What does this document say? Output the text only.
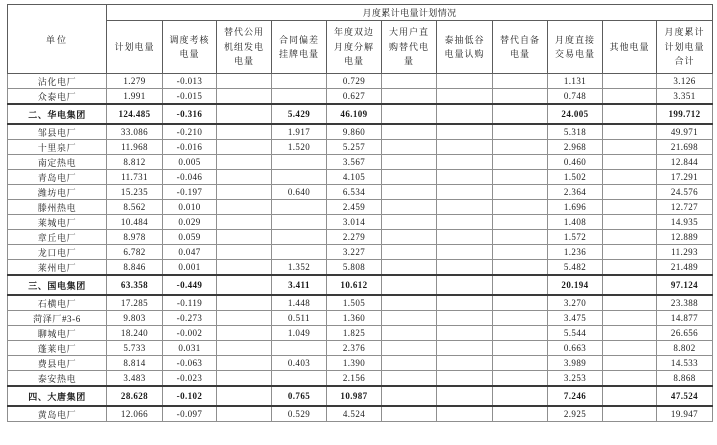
单位	月度累计电量计划情况										
	计划电量	调度考核电量	替代公用机组发电电量	合同偏差挂牌电量	年度双边月度分解电量	大用户直购替代电量	泰抽低谷电量认购	替代自备电量	月度直接交易电量	其他电量	月度累计计划电量合计
沾化电厂	1.279	-0.013			0.729				1.131		3.126
众泰电厂	1.991	-0.015			0.627				0.748		3.351
二、华电集团	124.485	-0.316		5.429	46.109				24.005		199.712
邹县电厂	33.086	-0.210		1.917	9.860				5.318		49.971
十里泉厂	11.968	-0.016		1.520	5.257				2.968		21.698
南定热电	8.812	0.005			3.567				0.460		12.844
青岛电厂	11.731	-0.046			4.105				1.502		17.291
潍坊电厂	15.235	-0.197		0.640	6.534				2.364		24.576
滕州热电	8.562	0.010			2.459				1.696		12.727
莱城电厂	10.484	0.029			3.014				1.408		14.935
章丘电厂	8.978	0.059			2.279				1.572		12.889
龙口电厂	6.782	0.047			3.227				1.236		11.293
莱州电厂	8.846	0.001		1.352	5.808				5.482		21.489
三、国电集团	63.358	-0.449		3.411	10.612				20.194		97.124
石横电厂	17.285	-0.119		1.448	1.505				3.270		23.388
菏泽厂#3-6	9.803	-0.273		0.511	1.360				3.475		14.877
聊城电厂	18.240	-0.002		1.049	1.825				5.544		26.656
蓬莱电厂	5.733	0.031			2.376				0.663		8.802
费县电厂	8.814	-0.063		0.403	1.390				3.989		14.533
泰安热电	3.483	-0.023			2.156				3.253		8.868
四、大唐集团	28.628	-0.102		0.765	10.987				7.246		47.524
黄岛电厂	12.066	-0.097		0.529	4.524				2.925		19.947
